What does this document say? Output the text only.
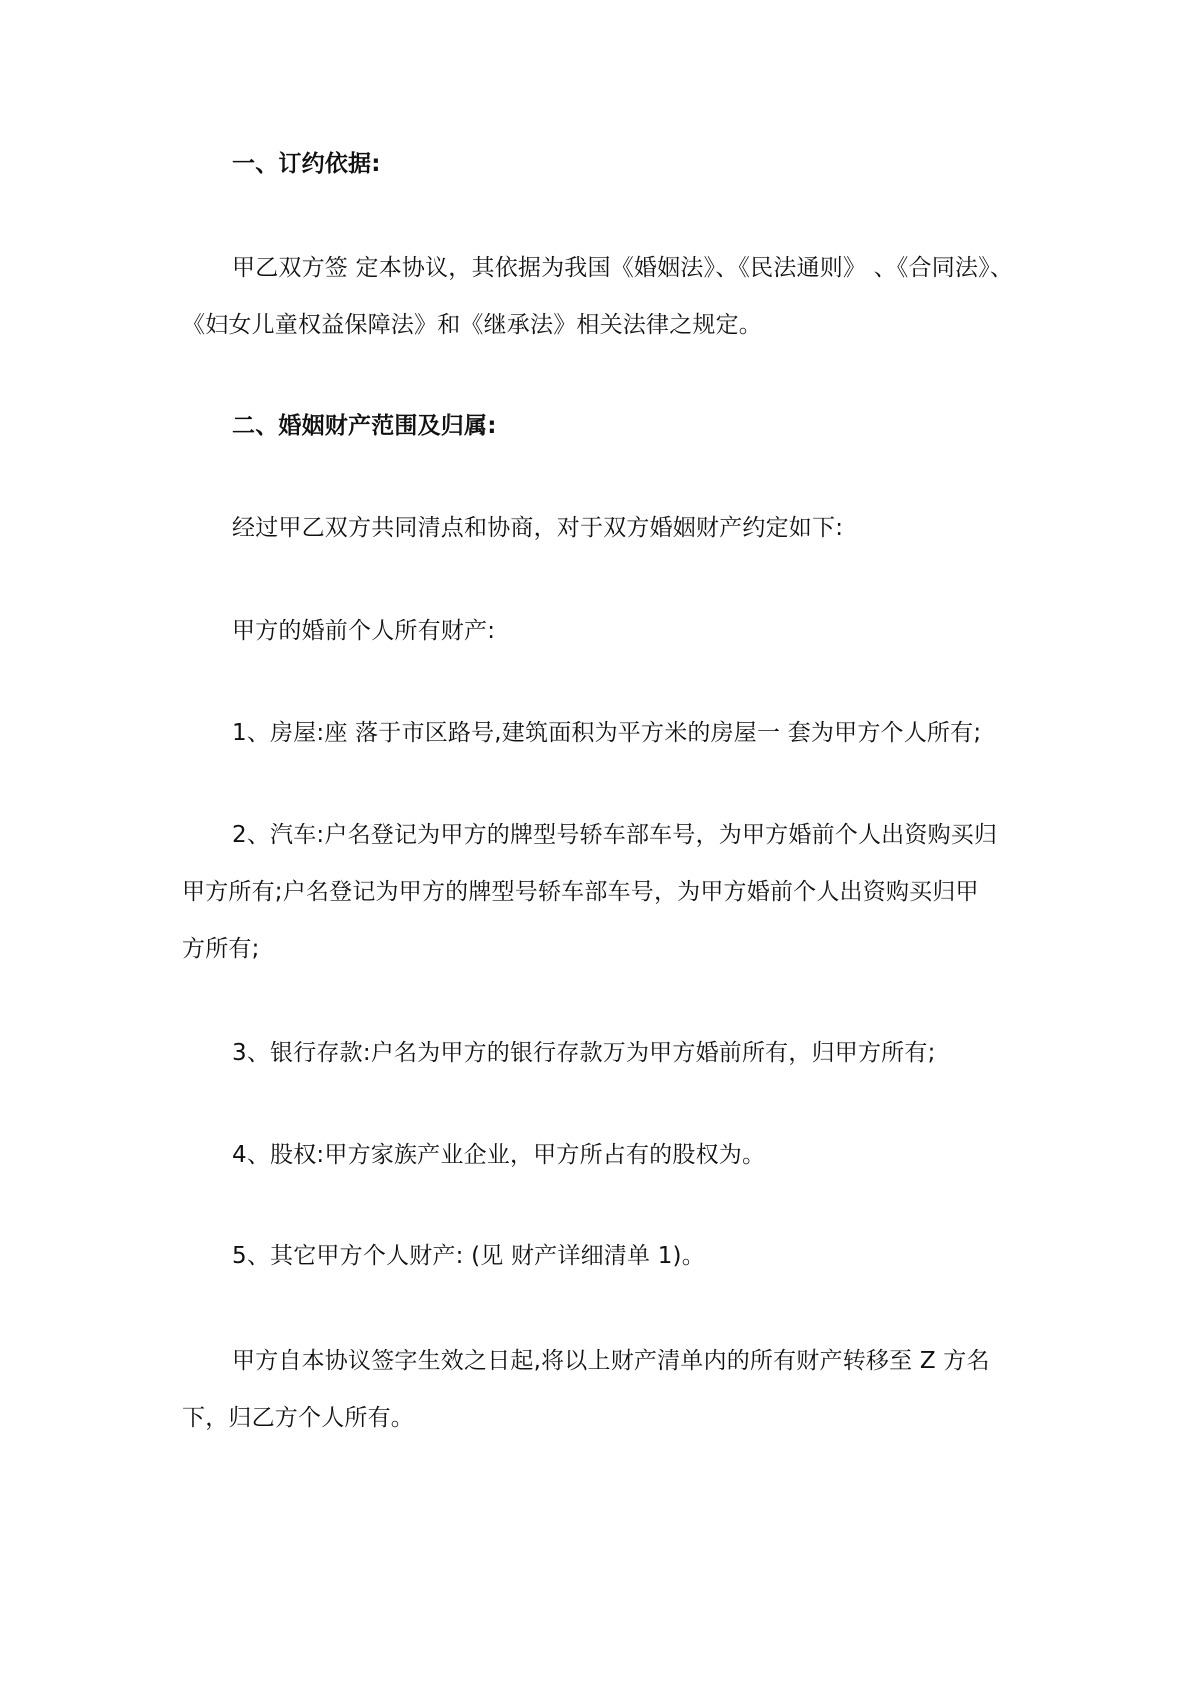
一、订约依据:
甲乙双方签 定本协议，其依据为我国《婚姻法》、《民法通则》 、《合同法》、
《妇女儿童权益保障法》和《继承法》相关法律之规定。
二、婚姻财产范围及归属:
经过甲乙双方共同清点和协商，对于双方婚姻财产约定如下:
甲方的婚前个人所有财产:
1、房屋:座 落于市区路号,建筑面积为平方米的房屋一 套为甲方个人所有;
2、汽车:户名登记为甲方的牌型号轿车部车号，为甲方婚前个人出资购买归
甲方所有;户名登记为甲方的牌型号轿车部车号，为甲方婚前个人出资购买归甲
方所有;
3、银行存款:户名为甲方的银行存款万为甲方婚前所有，归甲方所有;
4、股权:甲方家族产业企业，甲方所占有的股权为。
5、其它甲方个人财产: (见 财产详细清单 1)。
甲方自本协议签字生效之日起,将以上财产清单内的所有财产转移至 Z 方名
下，归乙方个人所有。
